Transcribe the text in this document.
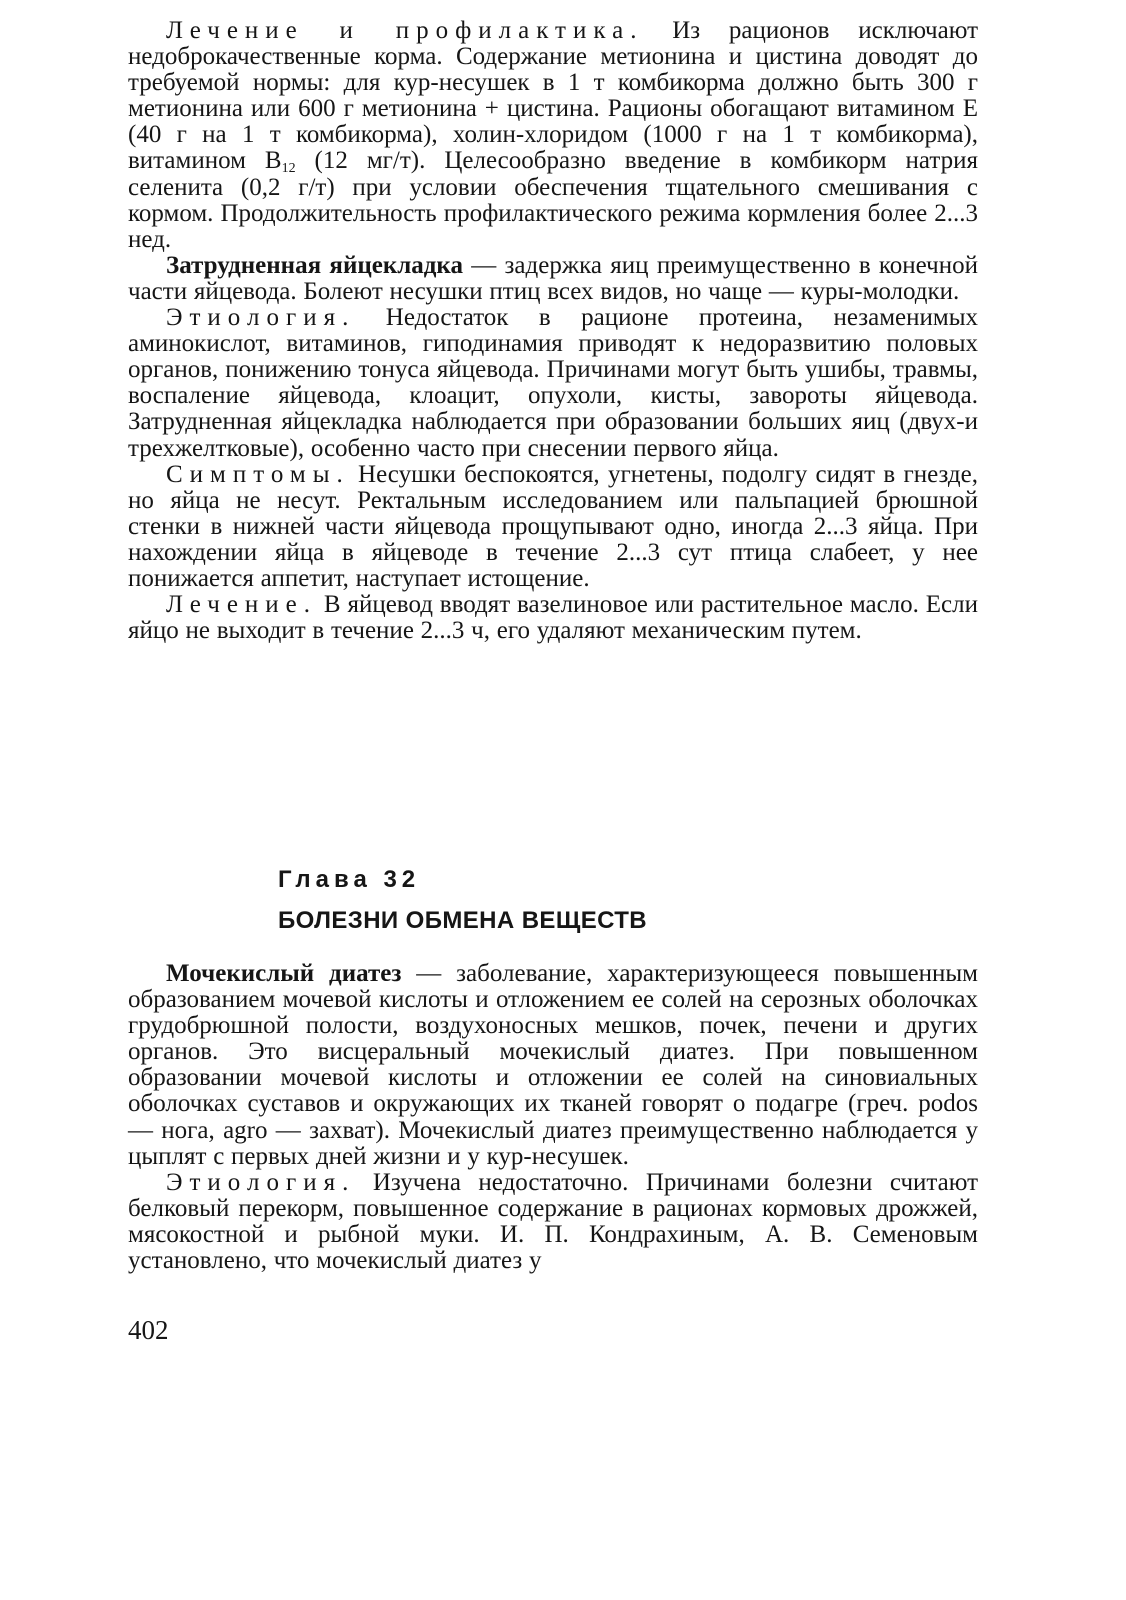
Лечение и профилактика. Из рационов исключают недоброкачественные корма. Содержание метионина и цистина доводят до требуемой нормы: для кур-несушек в 1 т комбикорма должно быть 300 г метионина или 600 г метионина + цистина. Рационы обогащают витамином Е (40 г на 1 т комбикорма), холин-хлоридом (1000 г на 1 т комбикорма), витамином $В_{12}$ (12 мг/т). Целесообразно введение в комбикорм натрия селенита (0,2 г/т) при условии обеспечения тщательного смешивания с кормом. Продолжительность профилактического режима кормления более 2...3 нед.

Затрудненная яйцекладка — задержка яиц преимущественно в конечной части яйцевода. Болеют несушки птиц всех видов, но чаще — куры-молодки.

Этиология. Недостаток в рационе протеина, незаменимых аминокислот, витаминов, гиподинамия приводят к недоразвитию половых органов, понижению тонуса яйцевода. Причинами могут быть ушибы, травмы, воспаление яйцевода, клоацит, опухоли, кисты, завороты яйцевода. Затрудненная яйцекладка наблюдается при образовании больших яиц (двух-и трехжелтковые), особенно часто при снесении первого яйца.

Симптомы. Несушки беспокоятся, угнетены, подолгу сидят в гнезде, но яйца не несут. Ректальным исследованием или пальпацией брюшной стенки в нижней части яйцевода прощупывают одно, иногда 2...3 яйца. При нахождении яйца в яйцеводе в течение 2...3 сут птица слабеет, у нее понижается аппетит, наступает истощение.

Лечение. В яйцевод вводят вазелиновое или растительное масло. Если яйцо не выходит в течение 2...3 ч, его удаляют механическим путем.

Глава 32
БОЛЕЗНИ ОБМЕНА ВЕЩЕСТВ

Мочекислый диатез — заболевание, характеризующееся повышенным образованием мочевой кислоты и отложением ее солей на серозных оболочках грудобрюшной полости, воздухоносных мешков, почек, печени и других органов. Это висцеральный мочекислый диатез. При повышенном образовании мочевой кислоты и отложении ее солей на синовиальных оболочках суставов и окружающих их тканей говорят о подагре (греч. podos — нога, agro — захват). Мочекислый диатез преимущественно наблюдается у цыплят с первых дней жизни и у кур-несушек.

Этиология. Изучена недостаточно. Причинами болезни считают белковый перекорм, повышенное содержание в рационах кормовых дрожжей, мясокостной и рыбной муки. И. П. Кондрахиным, А. В. Семеновым установлено, что мочекислый диатез у

402
